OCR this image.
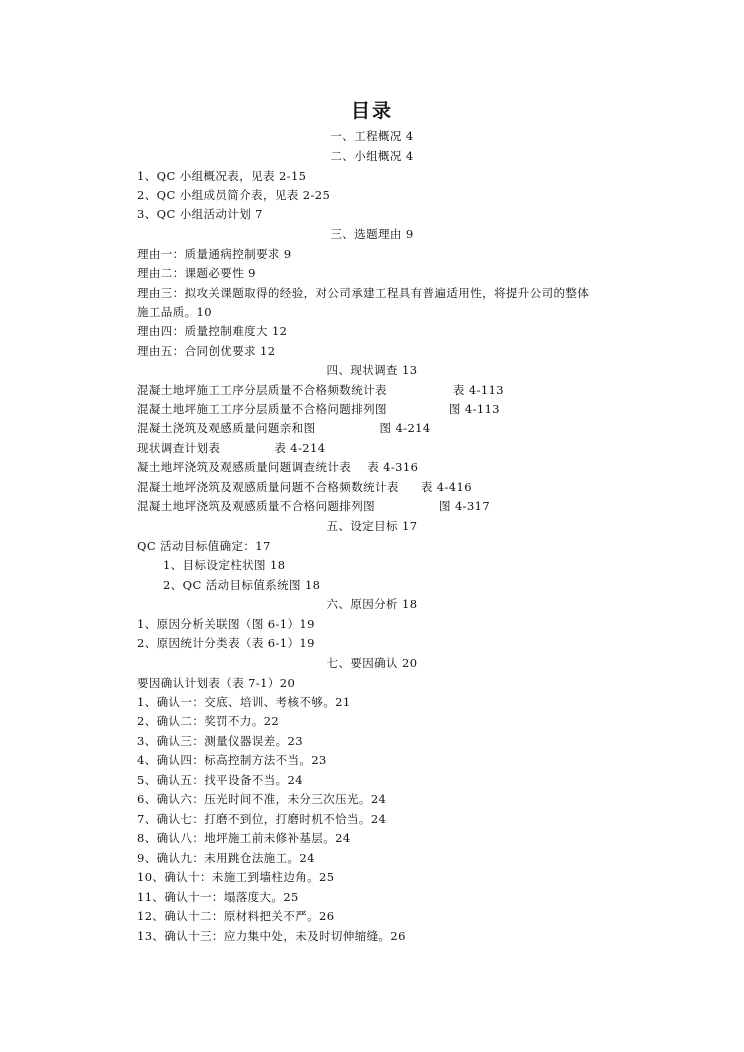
目录
一、工程概况 4
二、小组概况 4
1、QC 小组概况表，见表 2-15
2、QC 小组成员简介表，见表 2-25
3、QC 小组活动计划 7
三、选题理由 9
理由一：质量通病控制要求 9
理由二：课题必要性 9
理由三：拟攻关课题取得的经验，对公司承建工程具有普遍适用性，将提升公司的整体
施工品质。10
理由四：质量控制难度大 12
理由五：合同创优要求 12
四、现状调查 13
混凝土地坪施工工序分层质量不合格频数统计表	表 4-113
混凝土地坪施工工序分层质量不合格问题排列图	图 4-113
混凝土浇筑及观感质量问题亲和图	图 4-214
现状调查计划表	表 4-214
凝土地坪浇筑及观感质量问题调查统计表 表 4-316
混凝土地坪浇筑及观感质量问题不合格频数统计表 表 4-416
混凝土地坪浇筑及观感质量不合格问题排列图	图 4-317
五、设定目标 17
QC 活动目标值确定：17
1、目标设定柱状图 18
2、QC 活动目标值系统图 18
六、原因分析 18
1、原因分析关联图（图 6-1）19
2、原因统计分类表（表 6-1）19
七、要因确认 20
要因确认计划表（表 7-1）20
1、确认一：交底、培训、考核不够。21
2、确认二：奖罚不力。22
3、确认三：测量仪器误差。23
4、确认四：标高控制方法不当。23
5、确认五：找平设备不当。24
6、确认六：压光时间不准，未分三次压光。24
7、确认七：打磨不到位，打磨时机不恰当。24
8、确认八：地坪施工前未修补基层。24
9、确认九：未用跳仓法施工。24
10、确认十：未施工到墙柱边角。25
11、确认十一：塌落度大。25
12、确认十二：原材料把关不严。26
13、确认十三：应力集中处，未及时切伸缩缝。26
